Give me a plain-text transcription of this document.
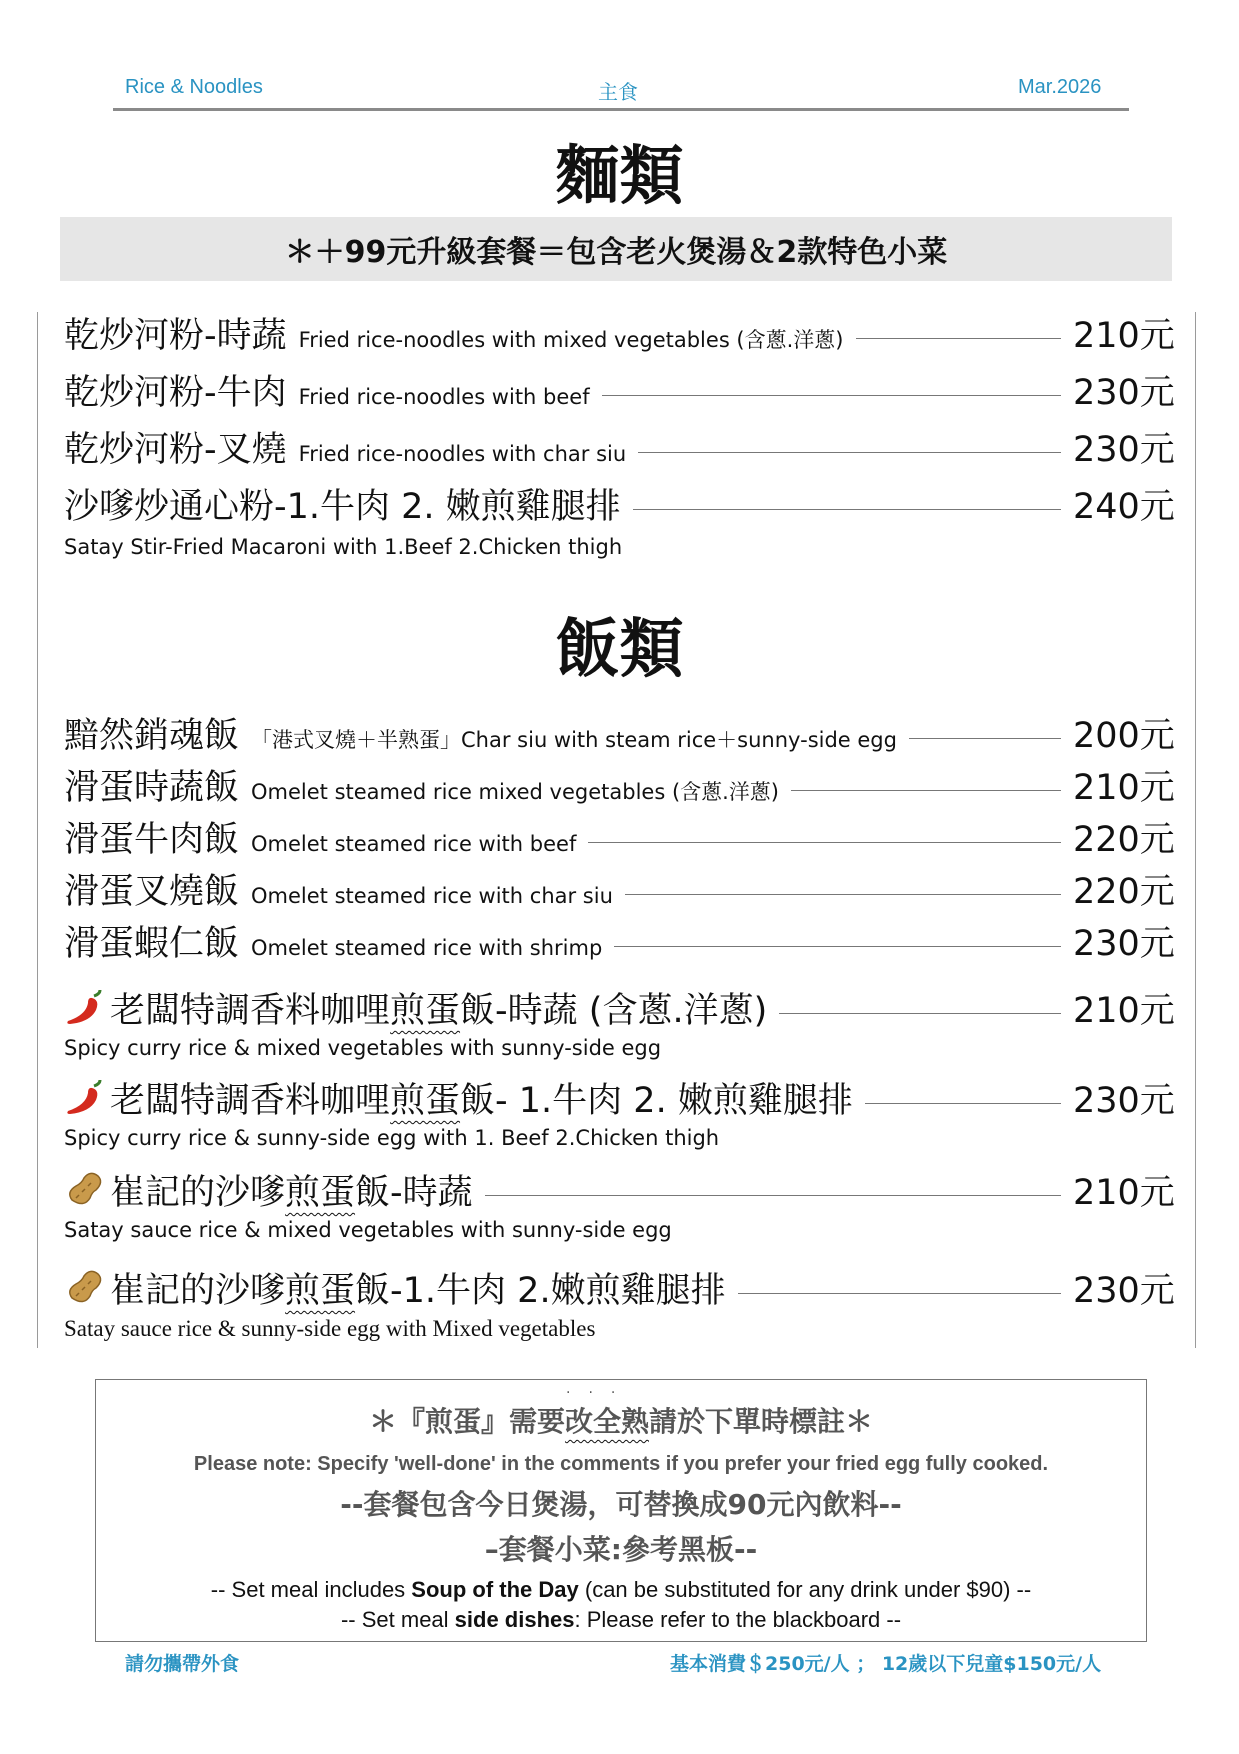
Rice & Noodles	主食	Mar.2026
麵類
＊＋99元升級套餐＝包含老火煲湯＆2款特色小菜
乾炒河粉-時蔬 Fried rice-noodles with mixed vegetables (含蔥.洋蔥)	210元
乾炒河粉-牛肉 Fried rice-noodles with beef	230元
乾炒河粉-叉燒 Fried rice-noodles with char siu	230元
沙嗲炒通心粉-1.牛肉 2. 嫩煎雞腿排	240元
Satay Stir-Fried Macaroni with 1.Beef 2.Chicken thigh
飯類
黯然銷魂飯 「港式叉燒＋半熟蛋」Char siu with steam rice＋sunny-side egg	200元
滑蛋時蔬飯 Omelet steamed rice mixed vegetables (含蔥.洋蔥)	210元
滑蛋牛肉飯 Omelet steamed rice with beef	220元
滑蛋叉燒飯 Omelet steamed rice with char siu	220元
滑蛋蝦仁飯 Omelet steamed rice with shrimp	230元
老闆特調香料咖哩煎蛋飯-時蔬 (含蔥.洋蔥)	210元
Spicy curry rice & mixed vegetables with sunny-side egg
老闆特調香料咖哩煎蛋飯- 1.牛肉 2. 嫩煎雞腿排	230元
Spicy curry rice & sunny-side egg with 1. Beef 2.Chicken thigh
崔記的沙嗲煎蛋飯-時蔬	210元
Satay sauce rice & mixed vegetables with sunny-side egg
崔記的沙嗲煎蛋飯-1.牛肉 2.嫩煎雞腿排	230元
Satay sauce rice & sunny-side egg with Mixed vegetables
···
＊『煎蛋』需要改全熟請於下單時標註＊
Please note: Specify 'well-done' in the comments if you prefer your fried egg fully cooked.
--套餐包含今日煲湯，可替換成90元內飲料--
–套餐小菜:參考黑板--
-- Set meal includes Soup of the Day (can be substituted for any drink under $90) --
-- Set meal side dishes: Please refer to the blackboard --
請勿攜帶外食	基本消費＄250元/人 ； 12歲以下兒童$150元/人
